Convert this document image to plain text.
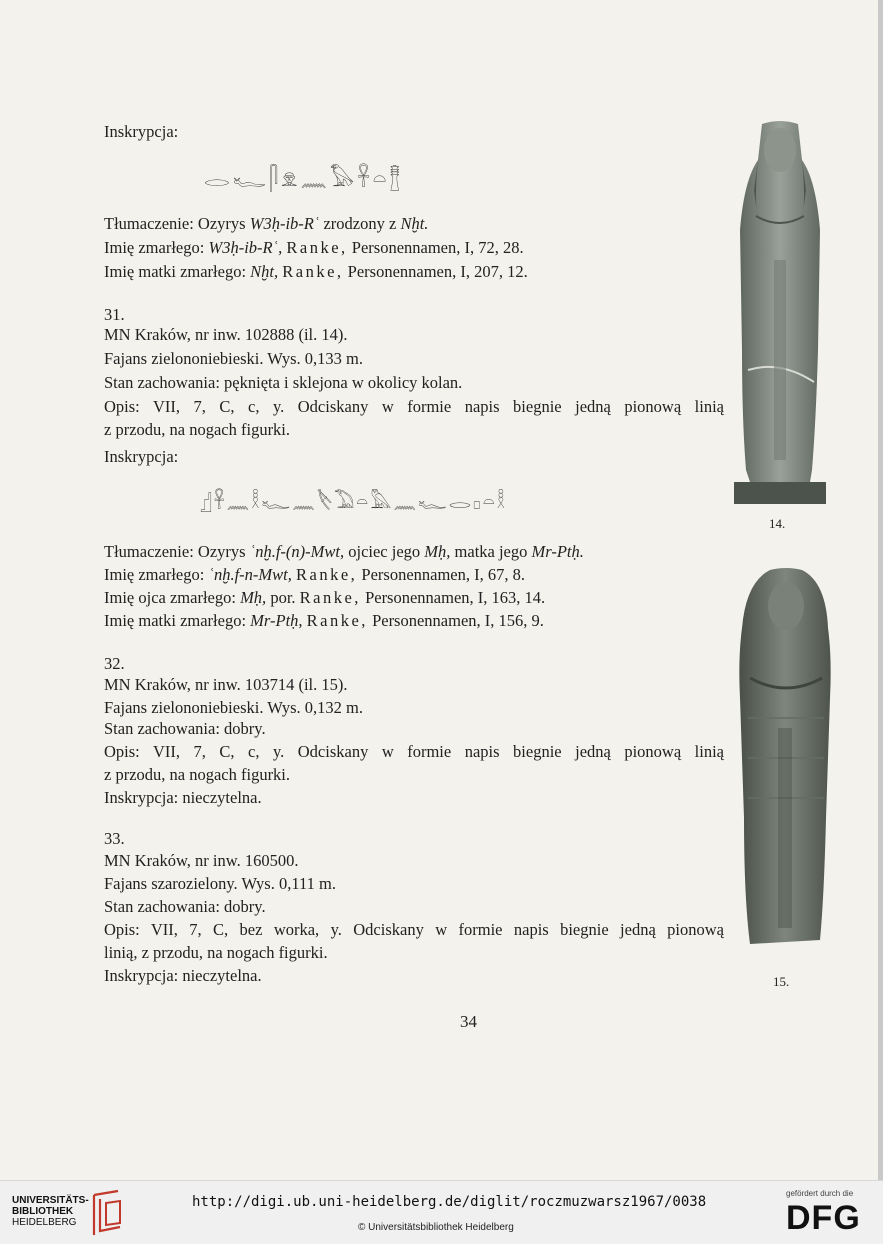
Inskrypcja:
𓂋𓆑𓋴𓁷𓈖𓅃𓋹𓏏𓊽
Tłumaczenie: Ozyrys W3ḥ-ib-Rʿ zrodzony z Nḫt.
Imię zmarłego: W3ḥ-ib-Rʿ, Ranke, Personennamen, I, 72, 28.
Imię matki zmarłego: Nḫt, Ranke, Personennamen, I, 207, 12.
31.
MN Kraków, nr inw. 102888 (il. 14).
Fajans zielononiebieski. Wys. 0,133 m.
Stan zachowania: pęknięta i sklejona w okolicy kolan.
Opis: VII, 7, C, c, y. Odciskany w formie napis biegnie jedną pionową linią
z przodu, na nogach figurki.
Inskrypcja:
𓊨𓋹𓈖𓎛𓆑𓈖𓌸𓅐𓏏𓅓𓈖𓆑𓂋𓊪𓏏𓎛
Tłumaczenie: Ozyrys ʿnḫ.f-(n)-Mwt, ojciec jego Mḥ, matka jego Mr-Ptḥ.
Imię zmarłego: ʿnḫ.f-n-Mwt, Ranke, Personennamen, I, 67, 8.
Imię ojca zmarłego: Mḥ, por. Ranke, Personennamen, I, 163, 14.
Imię matki zmarłego: Mr-Ptḥ, Ranke, Personennamen, I, 156, 9.
32.
MN Kraków, nr inw. 103714 (il. 15).
Fajans zielononiebieski. Wys. 0,132 m.
Stan zachowania: dobry.
Opis: VII, 7, C, c, y. Odciskany w formie napis biegnie jedną pionową linią
z przodu, na nogach figurki.
Inskrypcja: nieczytelna.
33.
MN Kraków, nr inw. 160500.
Fajans szarozielony. Wys. 0,111 m.
Stan zachowania: dobry.
Opis: VII, 7, C, bez worka, y. Odciskany w formie napis biegnie jedną pionową
linią, z przodu, na nogach figurki.
Inskrypcja: nieczytelna.
14.
15.
34
UNIVERSITÄTS-
BIBLIOTHEK
HEIDELBERG
http://digi.ub.uni-heidelberg.de/diglit/roczmuzwarsz1967/0038
© Universitätsbibliothek Heidelberg
gefördert durch die
DFG
